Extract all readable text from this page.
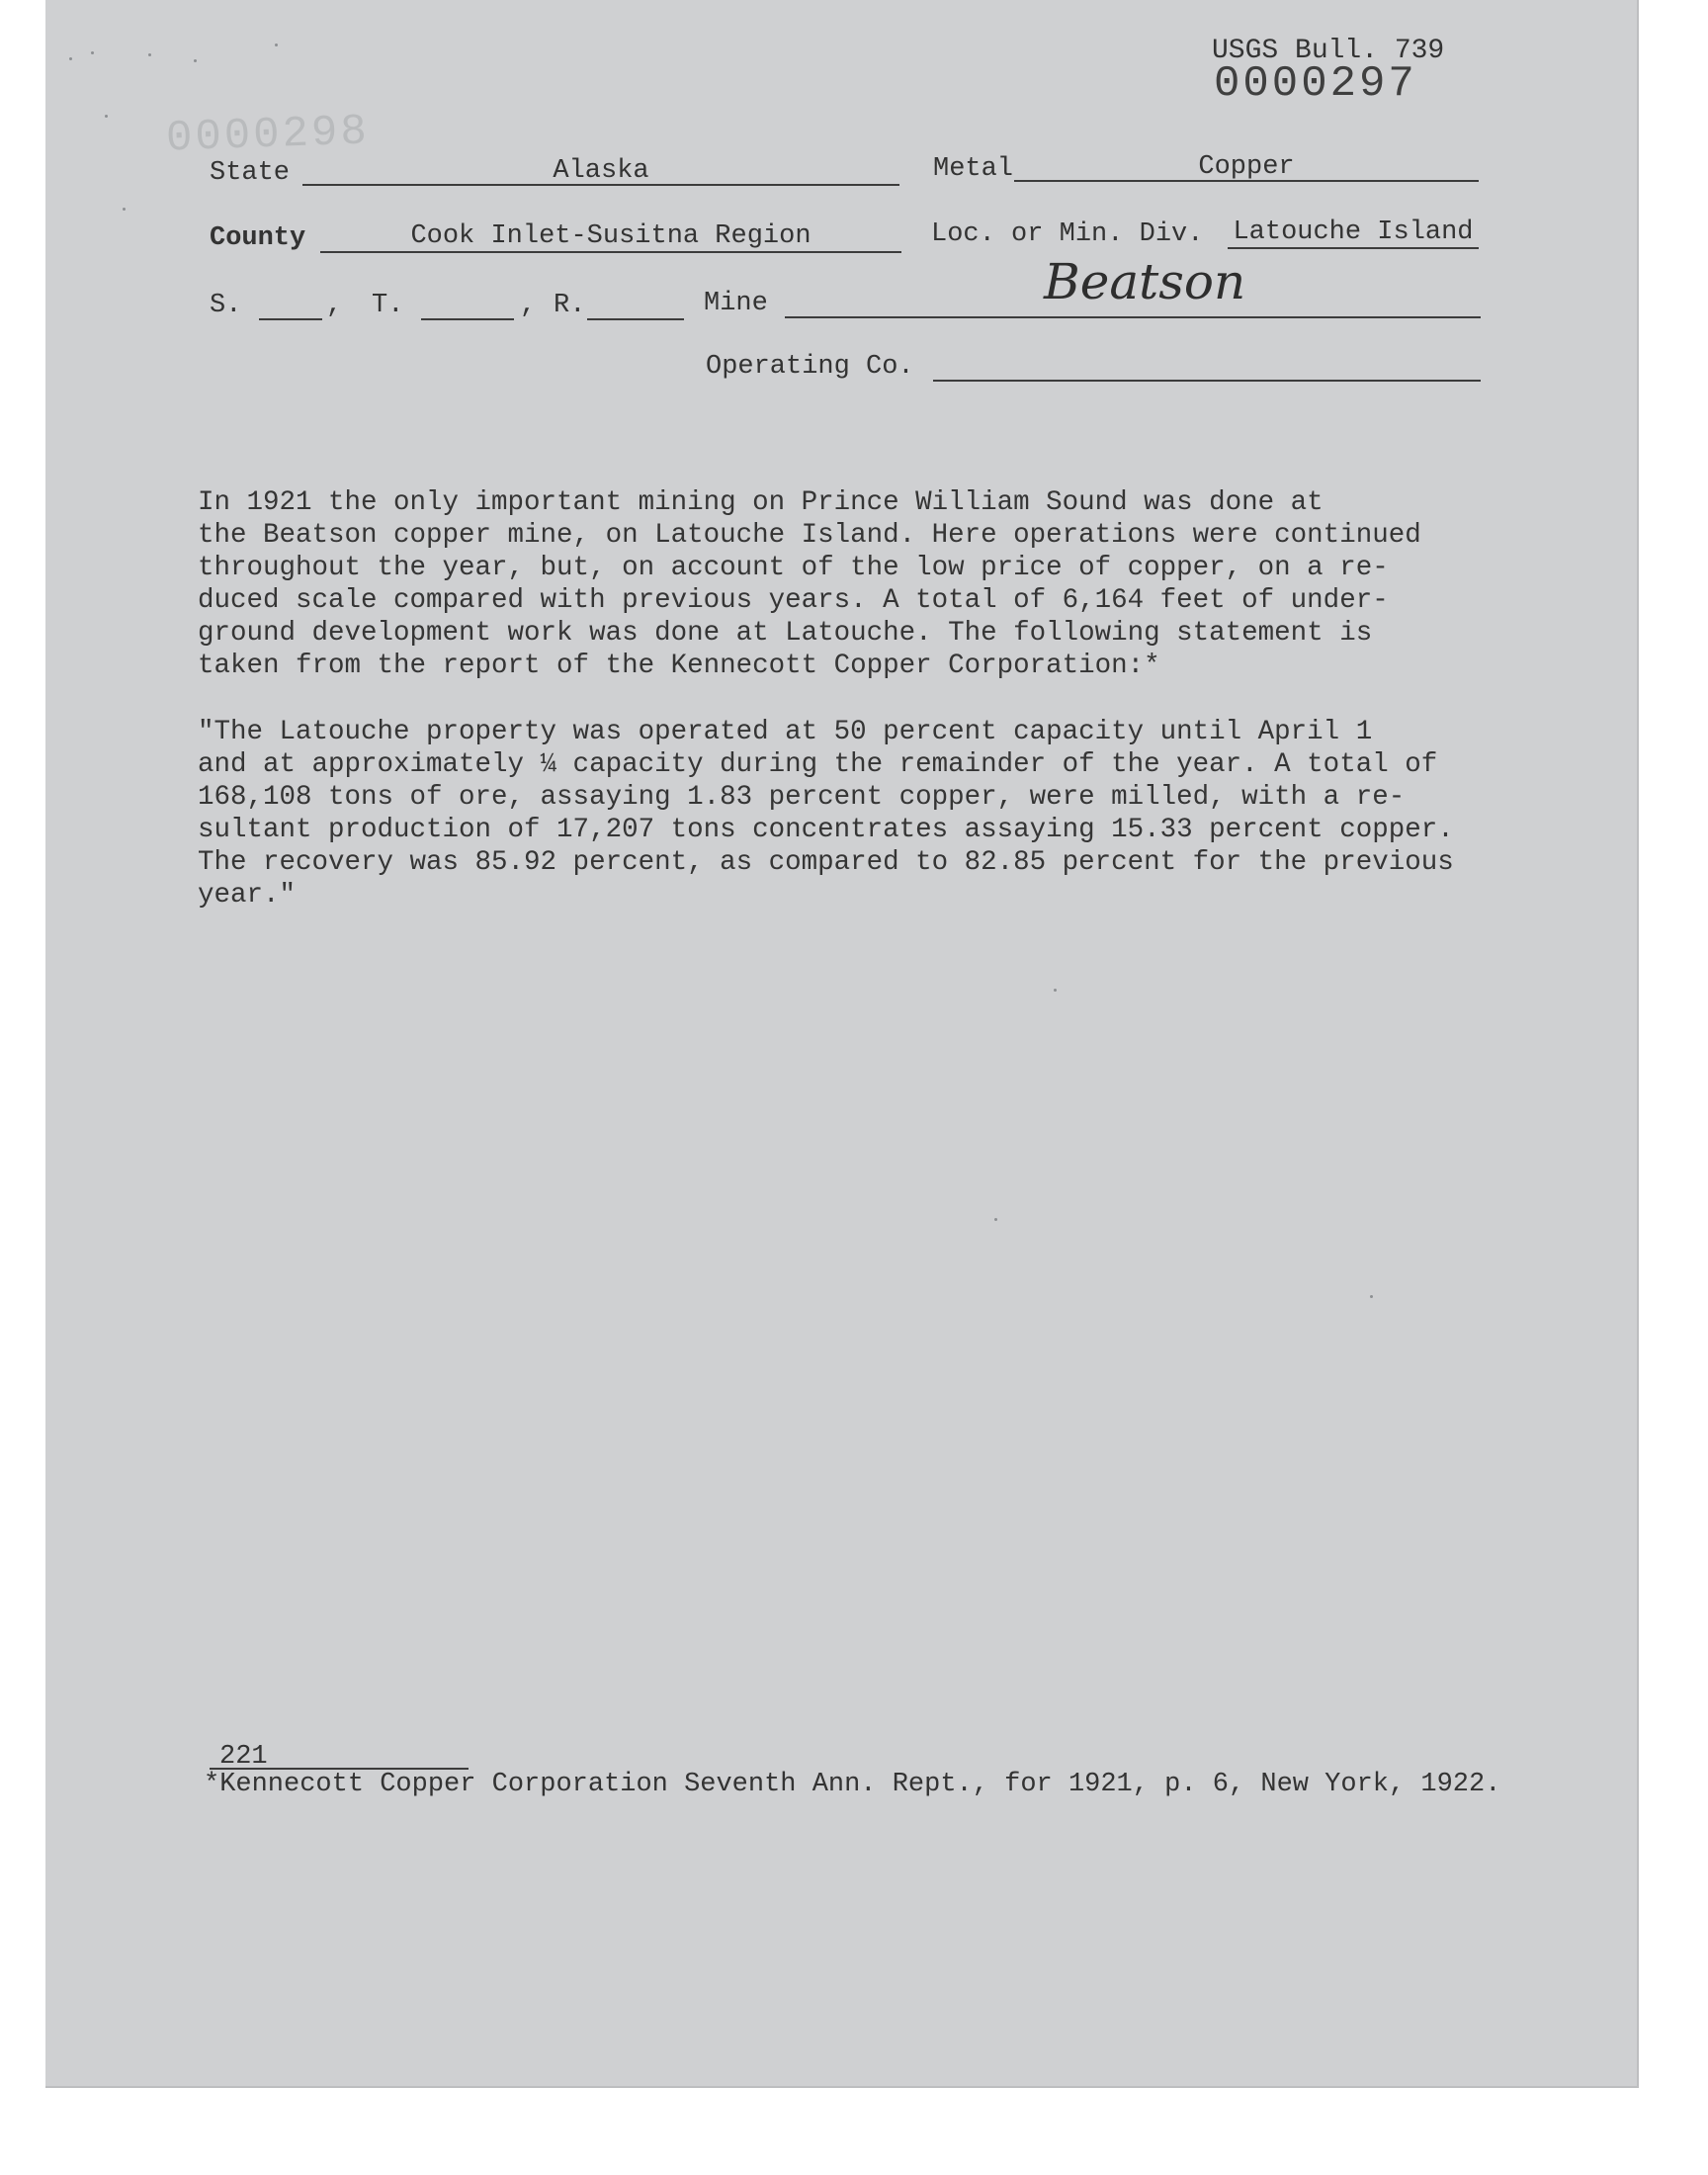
USGS Bull. 739
0000297
0000298
State	Alaska	Metal	Copper
County	Cook Inlet-Susitna Region	Loc. or Min. Div. Latouche Island
S.	, T.	, R.	Mine	Beatson
Operating Co.
In 1921 the only important mining on Prince William Sound was done at
the Beatson copper mine, on Latouche Island. Here operations were continued
throughout the year, but, on account of the low price of copper, on a re-
duced scale compared with previous years. A total of 6,164 feet of under-
ground development work was done at Latouche. The following statement is
taken from the report of the Kennecott Copper Corporation:*
"The Latouche property was operated at 50 percent capacity until April 1
and at approximately ¼ capacity during the remainder of the year. A total of
168,108 tons of ore, assaying 1.83 percent copper, were milled, with a re-
sultant production of 17,207 tons concentrates assaying 15.33 percent copper.
The recovery was 85.92 percent, as compared to 82.85 percent for the previous
year."
221
*Kennecott Copper Corporation Seventh Ann. Rept., for 1921, p. 6, New York, 1922.
